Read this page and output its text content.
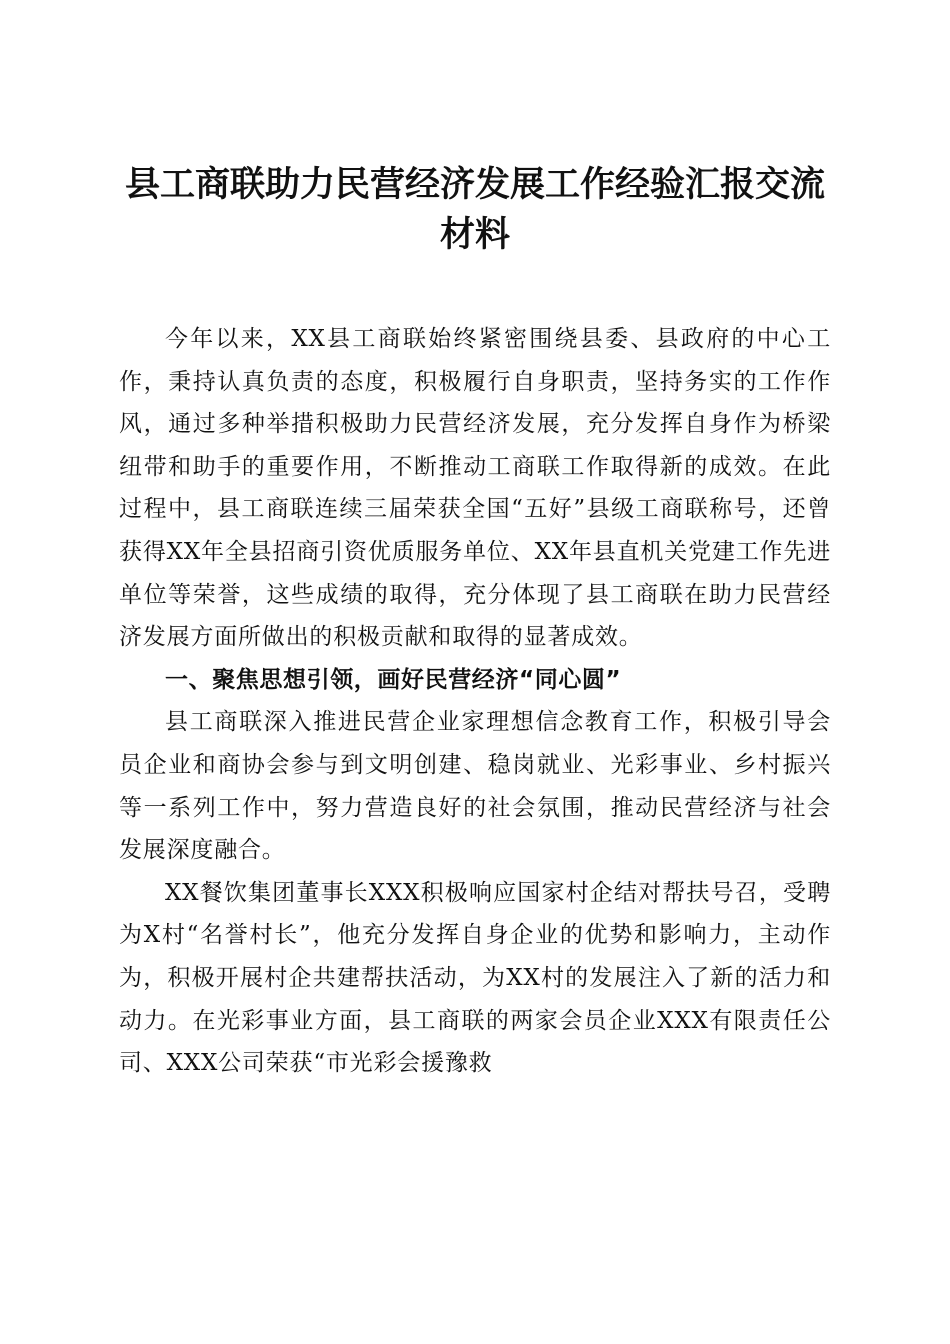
县工商联助力民营经济发展工作经验汇报交流
材料

今年以来，XX县工商联始终紧密围绕县委、县政府的中心工作，秉持认真负责的态度，积极履行自身职责，坚持务实的工作作风，通过多种举措积极助力民营经济发展，充分发挥自身作为桥梁纽带和助手的重要作用，不断推动工商联工作取得新的成效。在此过程中，县工商联连续三届荣获全国“五好”县级工商联称号，还曾获得XX年全县招商引资优质服务单位、XX年县直机关党建工作先进单位等荣誉，这些成绩的取得，充分体现了县工商联在助力民营经济发展方面所做出的积极贡献和取得的显著成效。

一、聚焦思想引领，画好民营经济“同心圆”

县工商联深入推进民营企业家理想信念教育工作，积极引导会员企业和商协会参与到文明创建、稳岗就业、光彩事业、乡村振兴等一系列工作中，努力营造良好的社会氛围，推动民营经济与社会发展深度融合。

XX餐饮集团董事长XXX积极响应国家村企结对帮扶号召，受聘为X村“名誉村长”，他充分发挥自身企业的优势和影响力，主动作为，积极开展村企共建帮扶活动，为XX村的发展注入了新的活力和动力。在光彩事业方面，县工商联的两家会员企业XXX有限责任公司、XXX公司荣获“市光彩会援豫救
